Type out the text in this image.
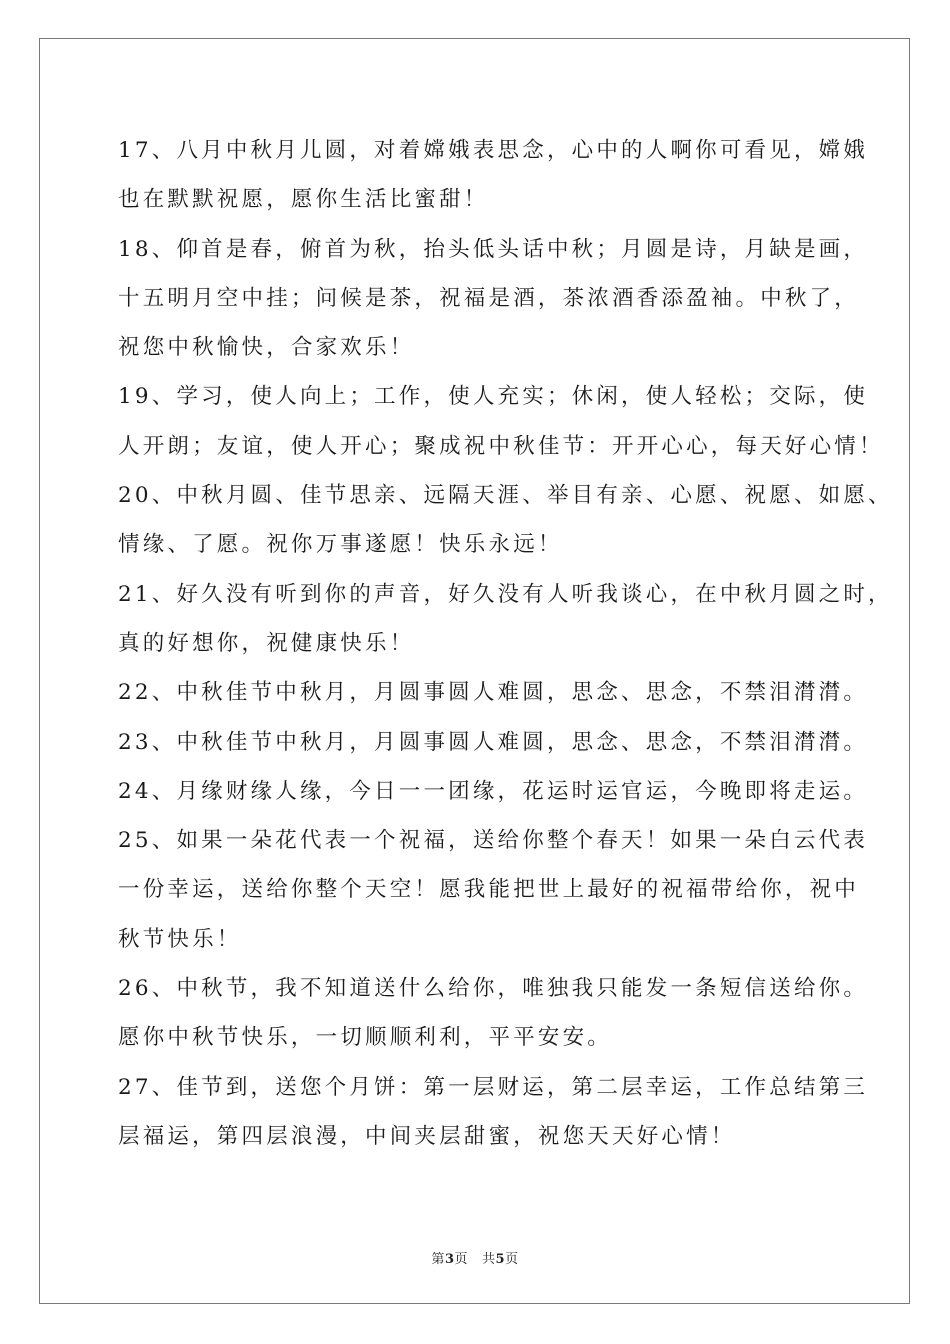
17、八月中秋月儿圆，对着嫦娥表思念，心中的人啊你可看见，嫦娥
也在默默祝愿，愿你生活比蜜甜！
18、仰首是春，俯首为秋，抬头低头话中秋；月圆是诗，月缺是画，
十五明月空中挂；问候是茶，祝福是酒，茶浓酒香添盈袖。中秋了，
祝您中秋愉快，合家欢乐！
19、学习，使人向上；工作，使人充实；休闲，使人轻松；交际，使
人开朗；友谊，使人开心；聚成祝中秋佳节：开开心心，每天好心情！
20、中秋月圆、佳节思亲、远隔天涯、举目有亲、心愿、祝愿、如愿、
情缘、了愿。祝你万事遂愿！快乐永远！
21、好久没有听到你的声音，好久没有人听我谈心，在中秋月圆之时，
真的好想你，祝健康快乐！
22、中秋佳节中秋月，月圆事圆人难圆，思念、思念，不禁泪潸潸。
23、中秋佳节中秋月，月圆事圆人难圆，思念、思念，不禁泪潸潸。
24、月缘财缘人缘，今日一一团缘，花运时运官运，今晚即将走运。
25、如果一朵花代表一个祝福，送给你整个春天！如果一朵白云代表
一份幸运，送给你整个天空！愿我能把世上最好的祝福带给你，祝中
秋节快乐！
26、中秋节，我不知道送什么给你，唯独我只能发一条短信送给你。
愿你中秋节快乐，一切顺顺利利，平平安安。
27、佳节到，送您个月饼：第一层财运，第二层幸运，工作总结第三
层福运，第四层浪漫，中间夹层甜蜜，祝您天天好心情！
第3页 共5页
